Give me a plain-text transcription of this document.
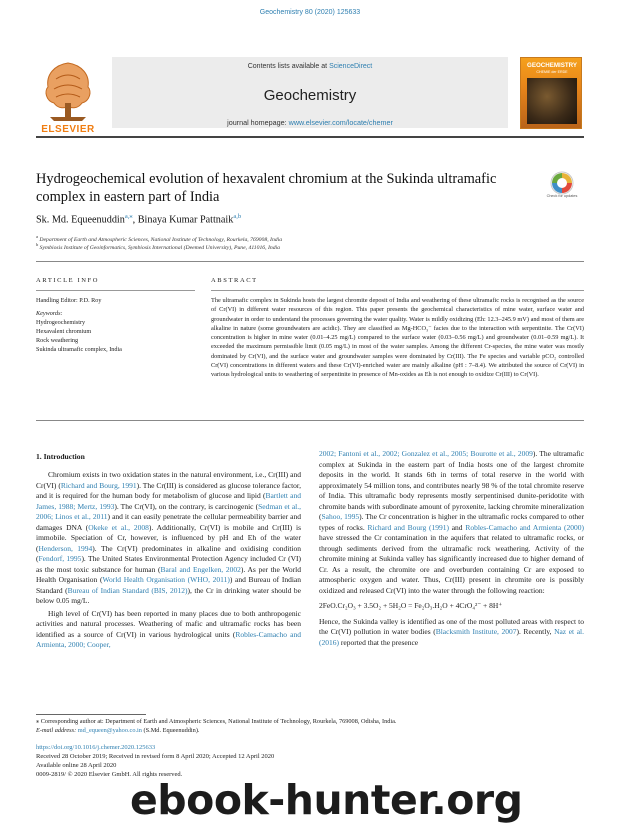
Geochemistry 80 (2020) 125633
ELSEVIER
Contents lists available at ScienceDirect
Geochemistry
journal homepage: www.elsevier.com/locate/chemer
GEOCHEMISTRY
CHEMIE der ERDE
Hydrogeochemical evolution of hexavalent chromium at the Sukinda ultramafic complex in eastern part of India	Check for updates
Sk. Md. Equeenuddin$^{a,⁎}$, Binaya Kumar Pattnaik$^{a,b}$
$^a$ Department of Earth and Atmospheric Sciences, National Institute of Technology, Rourkela, 769008, India
$^b$ Symbiosis Institute of Geoinformatics, Symbiosis International (Deemed University), Pune, 411016, India
ARTICLE INFO
Handling Editor: P.D. Roy
Keywords:
Hydrogeochemistry
Hexavalent chromium
Rock weathering
Sukinda ultramafic complex, India
ABSTRACT
The ultramafic complex in Sukinda hosts the largest chromite deposit of India and weathering of these ultramafic rocks is recognised as the source of Cr(VI) in different water resources of this region. This paper presents the geochemical characteristics of mine water, surface water and groundwater in order to understand the processes governing the water quality. Water is mildly oxidizing (Eh: 12.3–245.9 mV) and most of them are alkaline in nature (some groundwaters are acidic). They are classified as Mg-HCO₃⁻ facies due to the interaction with serpentinite. The Cr(VI) concentration is higher in mine water (0.01–4.25 mg/L) compared to the surface water (0.03–0.56 mg/L) and groundwater (0.01–0.59 mg/L). It exceeded the maximum permissible limit (0.05 mg/L) in most of the water samples. Among the different Cr-species, the mine water was mostly dominated by Cr(VI), and the surface water and groundwater samples were dominated by Cr(III). The Fe species and variable pCO₂ controlled Cr(VI) concentrations in different waters and these Cr(VI)-enriched water are mainly alkaline (pH : 7–8.4). We attributed the source of Cr(VI) in various hydrological units to weathering of serpentinite in presence of Mn-oxides as Eh is not enough to oxidize Cr(III) to Cr(VI).
1. Introduction

Chromium exists in two oxidation states in the natural environment, i.e., Cr(III) and Cr(VI) (Richard and Bourg, 1991). The Cr(III) is considered as glucose tolerance factor, and it is required for the human body for metabolism of glucose and lipid (Bartlett and James, 1988; Mertz, 1993). The Cr(VI), on the contrary, is carcinogenic (Sedman et al., 2006; Linos et al., 2011) and it can easily penetrate the cellular permeability barrier and damages DNA (Okeke et al., 2008). Additionally, Cr(VI) is mobile and Cr(III) is immobile. Speciation of Cr, however, is influenced by pH and Eh of the water (Henderson, 1994). The Cr(VI) predominates in alkaline and oxidising condition (Fendorf, 1995). The United States Environmental Protection Agency included Cr (VI) as the most toxic substance for human (Baral and Engelken, 2002). As per the World Health Organisation (World Health Organisation (WHO, 2011)) and Bureau of Indian Standard (Bureau of Indian Standard (BIS, 2012)), the Cr in drinking water should be below 0.05 mg/L.

High level of Cr(VI) has been reported in many places due to both anthropogenic activities and natural processes. Weathering of mafic and ultramafic rocks has been identified as a source of Cr(VI) in various hydrological units (Robles-Camacho and Armienta, 2000; Cooper,

2002; Fantoni et al., 2002; Gonzalez et al., 2005; Bourotte et al., 2009). The ultramafic complex at Sukinda in the eastern part of India hosts one of the largest chromite deposits in the world. It stands 6th in terms of total reserve in the world with approximately 54 million tons, and contributes nearly 98 % of the total chromite reserve of India. This ultramafic body represents mostly serpentinised dunite-peridotite with chromite bands with subordinate amount of pyroxenite, lacking chromite mineralization (Sahoo, 1995). The Cr concentration is higher in the ultramafic rocks compared to other types of rocks. Richard and Bourg (1991) and Robles-Camacho and Armienta (2000) have stressed the Cr contamination in the aquifers that related to ultramafic rocks, or through sediments derived from the ultramafic rock weathering. Activity of the chromite mining at Sukinda valley has significantly increased due to higher demand of Cr. As a result, the chromite ore and overburden containing Cr are exposed to atmospheric oxygen and water. Thus, Cr(III) present in chromite ore is possibly oxidized and released Cr(VI) into the water through the following reaction:

2FeO.Cr₂O₃ + 3.5O₂ + 5H₂O = Fe₂O₃.H₂O + 4CrO₄²⁻ + 8H⁺

Hence, the Sukinda valley is identified as one of the most polluted areas with respect to the Cr(VI) pollution in water bodies (Blacksmith Institute, 2007). Recently, Naz et al. (2016) reported that the presence

⁎ Corresponding author at: Department of Earth and Atmospheric Sciences, National Institute of Technology, Rourkela, 769008, Odisha, India.
E-mail address: md_equeen@yahoo.co.in (S.Md. Equeenuddin).
https://doi.org/10.1016/j.chemer.2020.125633
Received 28 October 2019; Received in revised form 8 April 2020; Accepted 12 April 2020
Available online 28 April 2020
0009-2819/ © 2020 Elsevier GmbH. All rights reserved.
ebook-hunter.org
